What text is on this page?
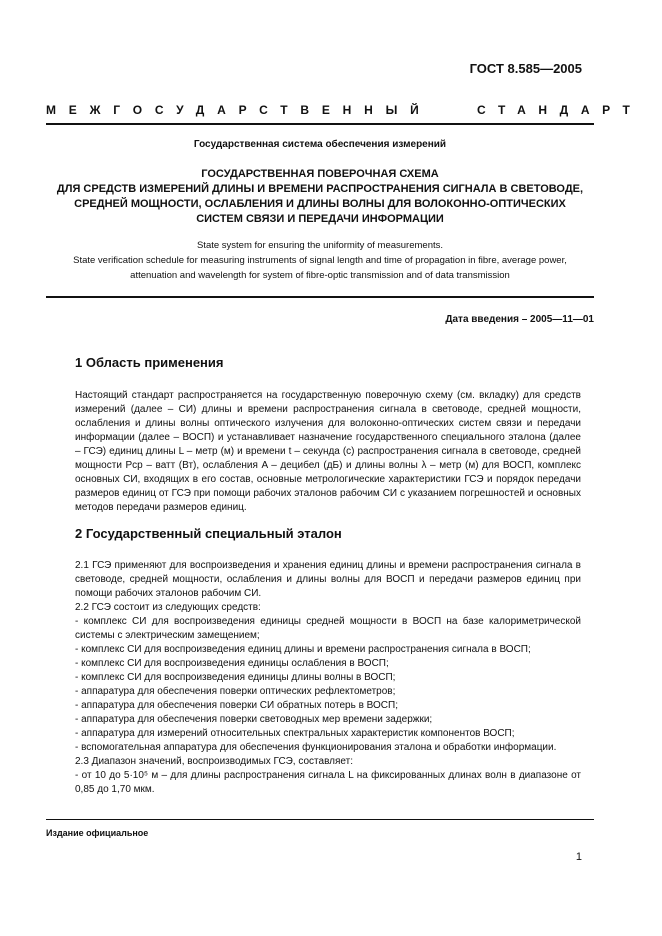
ГОСТ 8.585—2005
МЕЖГОСУДАРСТВЕННЫЙ	СТАНДАРТ
Государственная система обеспечения измерений
ГОСУДАРСТВЕННАЯ ПОВЕРОЧНАЯ СХЕМА
ДЛЯ СРЕДСТВ ИЗМЕРЕНИЙ ДЛИНЫ И ВРЕМЕНИ РАСПРОСТРАНЕНИЯ СИГНАЛА В СВЕТОВОДЕ,
СРЕДНЕЙ МОЩНОСТИ, ОСЛАБЛЕНИЯ И ДЛИНЫ ВОЛНЫ ДЛЯ ВОЛОКОННО-ОПТИЧЕСКИХ
СИСТЕМ СВЯЗИ И ПЕРЕДАЧИ ИНФОРМАЦИИ
State system for ensuring the uniformity of measurements.
State verification schedule for measuring instruments of signal length and time of propagation in fibre, average power,
attenuation and wavelength for system of fibre-optic transmission and of data transmission
Дата введения – 2005—11—01
1 Область применения

Настоящий стандарт распространяется на государственную поверочную схему (см. вкладку) для средств измерений (далее – СИ) длины и времени распространения сигнала в световоде, средней мощности, ослабления и длины волны оптического излучения для волоконно-оптических систем связи и передачи информации (далее – ВОСП) и устанавливает назначение государственного специального эталона (далее – ГСЭ) единиц длины L – метр (м) и времени t – секунда (с) распространения сигнала в световоде, средней мощности Pср – ватт (Вт), ослабления A – децибел (дБ) и длины волны λ – метр (м) для ВОСП, комплекс основных СИ, входящих в его состав, основные метрологические характеристики ГСЭ и порядок передачи размеров единиц от ГСЭ при помощи рабочих эталонов рабочим СИ с указанием погрешностей и основных методов передачи размеров единиц.

2 Государственный специальный эталон

2.1 ГСЭ применяют для воспроизведения и хранения единиц длины и времени распространения сигнала в световоде, средней мощности, ослабления и длины волны для ВОСП и передачи размеров единиц при помощи рабочих эталонов рабочим СИ.

2.2 ГСЭ состоит из следующих средств:

- комплекс СИ для воспроизведения единицы средней мощности в ВОСП на базе калориметрической системы с электрическим замещением;

- комплекс СИ для воспроизведения единиц длины и времени распространения сигнала в ВОСП;

- комплекс СИ для воспроизведения единицы ослабления в ВОСП;

- комплекс СИ для воспроизведения единицы длины волны в ВОСП;

- аппаратура для обеспечения поверки оптических рефлектометров;

- аппаратура для обеспечения поверки СИ обратных потерь в ВОСП;

- аппаратура для обеспечения поверки световодных мер времени задержки;

- аппаратура для измерений относительных спектральных характеристик компонентов ВОСП;

- вспомогательная аппаратура для обеспечения функционирования эталона и обработки информации.

2.3 Диапазон значений, воспроизводимых ГСЭ, составляет:

- от 10 до 5·10⁵ м – для длины распространения сигнала L на фиксированных длинах волн в диапазоне от 0,85 до 1,70 мкм.

Издание официальное
1
